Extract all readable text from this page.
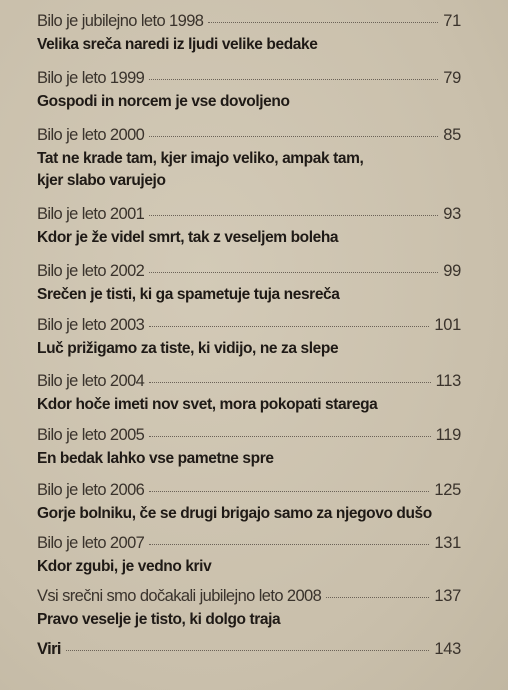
Bilo je jubilejno leto 1998	71
Velika sreča naredi iz ljudi velike bedake
Bilo je leto 1999	79
Gospodi in norcem je vse dovoljeno
Bilo je leto 2000	85
Tat ne krade tam, kjer imajo veliko, ampak tam,
kjer slabo varujejo
Bilo je leto 2001	93
Kdor je že videl smrt, tak z veseljem boleha
Bilo je leto 2002	99
Srečen je tisti, ki ga spametuje tuja nesreča
Bilo je leto 2003	101
Luč prižigamo za tiste, ki vidijo, ne za slepe
Bilo je leto 2004	113
Kdor hoče imeti nov svet, mora pokopati starega
Bilo je leto 2005	119
En bedak lahko vse pametne spre
Bilo je leto 2006	125
Gorje bolniku, če se drugi brigajo samo za njegovo dušo
Bilo je leto 2007	131
Kdor zgubi, je vedno kriv
Vsi srečni smo dočakali jubilejno leto 2008	137
Pravo veselje je tisto, ki dolgo traja
Viri	143
